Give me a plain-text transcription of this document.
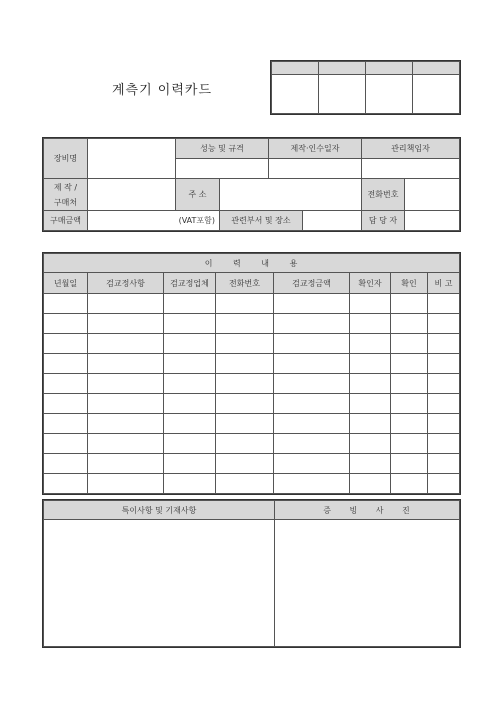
계측기 이력카드

장비명		성능 및 규격		제작·인수일자		관리책임자	

제 작 /
구매처		주 소				전화번호	
구매금액	(VAT포함)		관련부서 및 장소			담 당 자	
이 력 내 용							
년월일	검교정사항	검교정업체	전화번호	검교정금액	확인자	확인	비 고

특이사항 및 기재사항	증 빙 사 진
